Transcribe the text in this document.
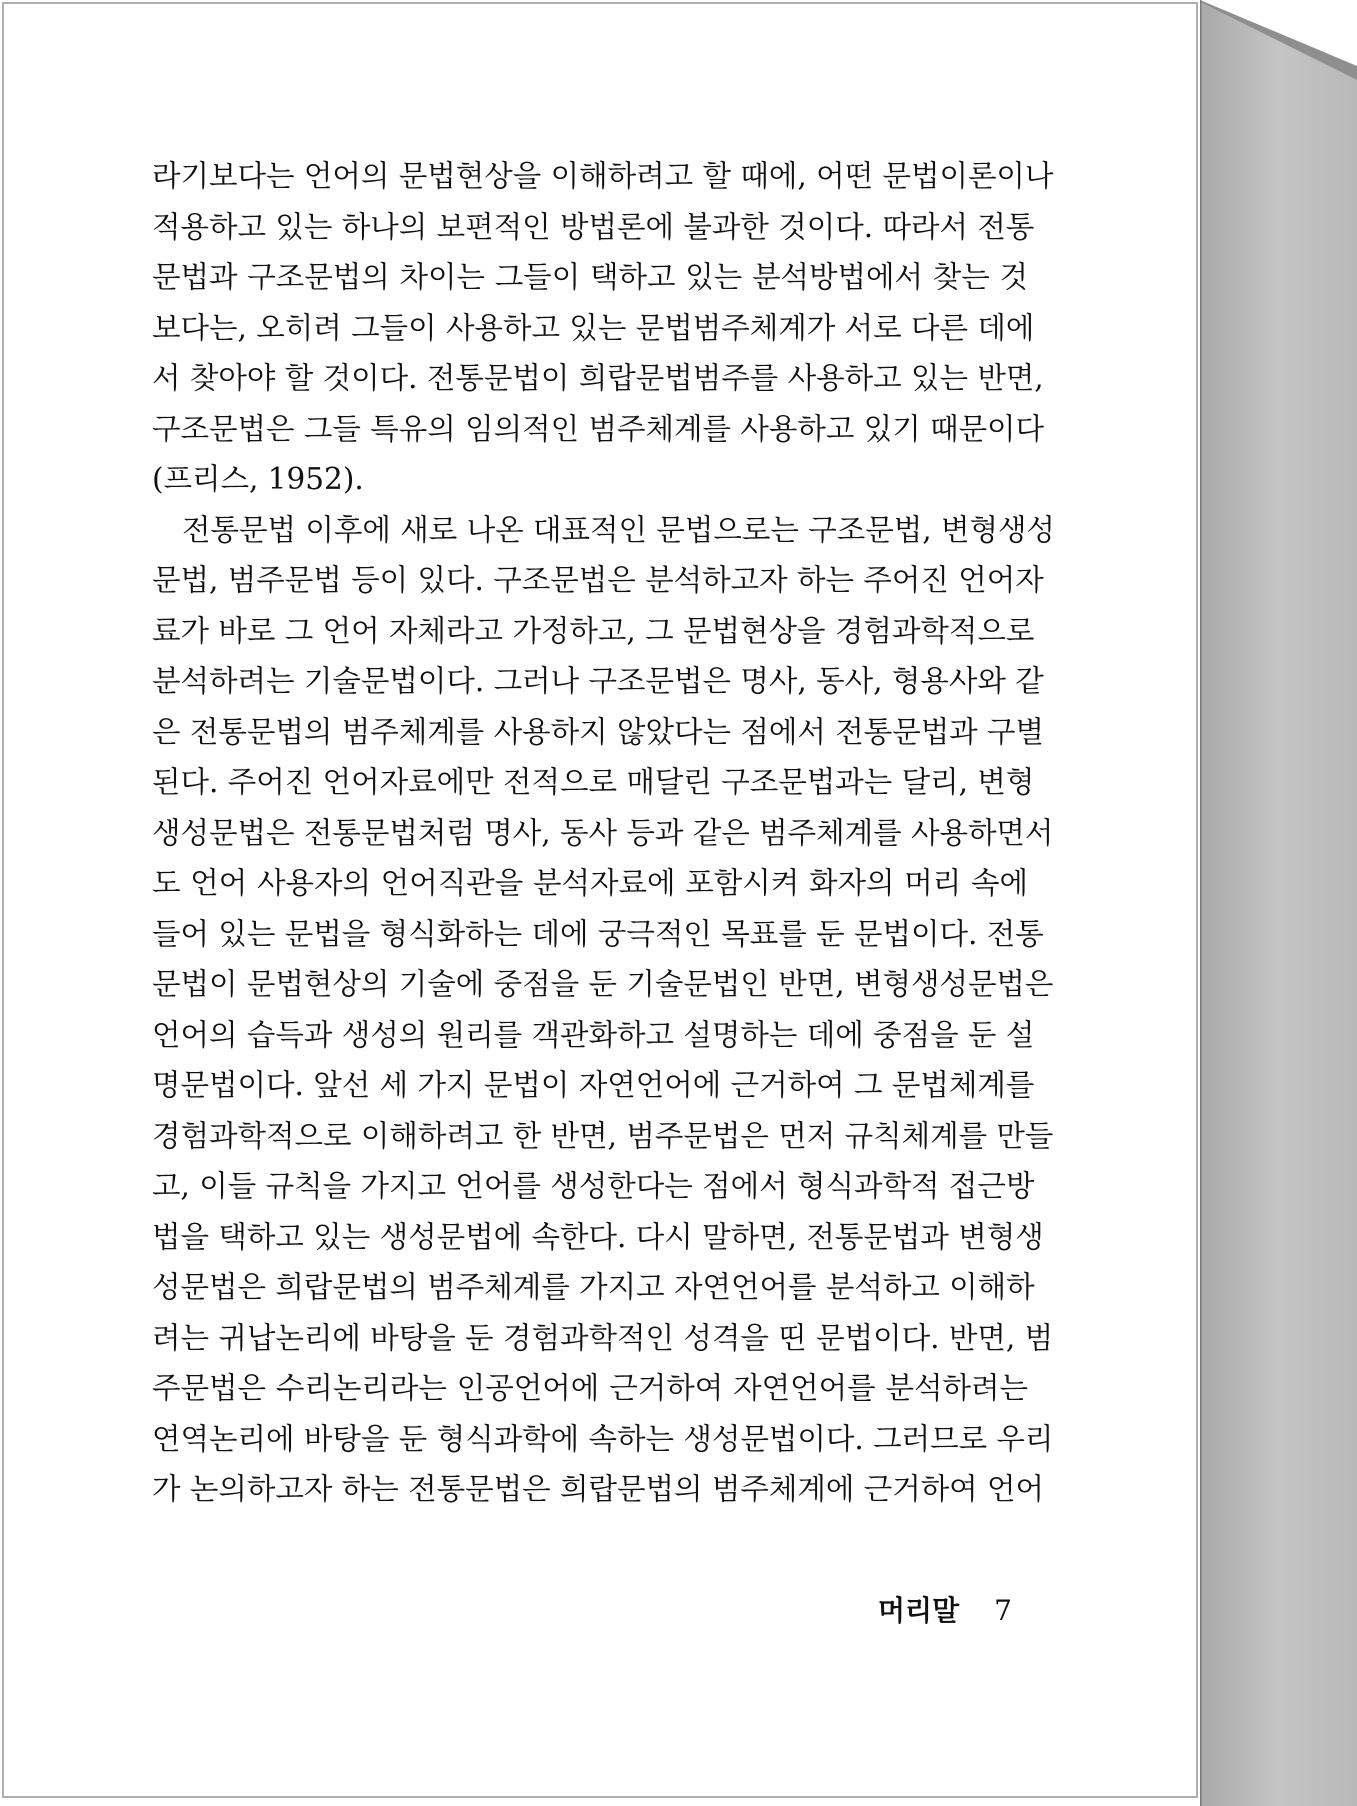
라기보다는 언어의 문법현상을 이해하려고 할 때에, 어떤 문법이론이나
적용하고 있는 하나의 보편적인 방법론에 불과한 것이다. 따라서 전통
문법과 구조문법의 차이는 그들이 택하고 있는 분석방법에서 찾는 것
보다는, 오히려 그들이 사용하고 있는 문법범주체계가 서로 다른 데에
서 찾아야 할 것이다. 전통문법이 희랍문법범주를 사용하고 있는 반면,
구조문법은 그들 특유의 임의적인 범주체계를 사용하고 있기 때문이다
(프리스, 1952).
전통문법 이후에 새로 나온 대표적인 문법으로는 구조문법, 변형생성
문법, 범주문법 등이 있다. 구조문법은 분석하고자 하는 주어진 언어자
료가 바로 그 언어 자체라고 가정하고, 그 문법현상을 경험과학적으로
분석하려는 기술문법이다. 그러나 구조문법은 명사, 동사, 형용사와 같
은 전통문법의 범주체계를 사용하지 않았다는 점에서 전통문법과 구별
된다. 주어진 언어자료에만 전적으로 매달린 구조문법과는 달리, 변형
생성문법은 전통문법처럼 명사, 동사 등과 같은 범주체계를 사용하면서
도 언어 사용자의 언어직관을 분석자료에 포함시켜 화자의 머리 속에
들어 있는 문법을 형식화하는 데에 궁극적인 목표를 둔 문법이다. 전통
문법이 문법현상의 기술에 중점을 둔 기술문법인 반면, 변형생성문법은
언어의 습득과 생성의 원리를 객관화하고 설명하는 데에 중점을 둔 설
명문법이다. 앞선 세 가지 문법이 자연언어에 근거하여 그 문법체계를
경험과학적으로 이해하려고 한 반면, 범주문법은 먼저 규칙체계를 만들
고, 이들 규칙을 가지고 언어를 생성한다는 점에서 형식과학적 접근방
법을 택하고 있는 생성문법에 속한다. 다시 말하면, 전통문법과 변형생
성문법은 희랍문법의 범주체계를 가지고 자연언어를 분석하고 이해하
려는 귀납논리에 바탕을 둔 경험과학적인 성격을 띤 문법이다. 반면, 범
주문법은 수리논리라는 인공언어에 근거하여 자연언어를 분석하려는
연역논리에 바탕을 둔 형식과학에 속하는 생성문법이다. 그러므로 우리
가 논의하고자 하는 전통문법은 희랍문법의 범주체계에 근거하여 언어
머리말 7
